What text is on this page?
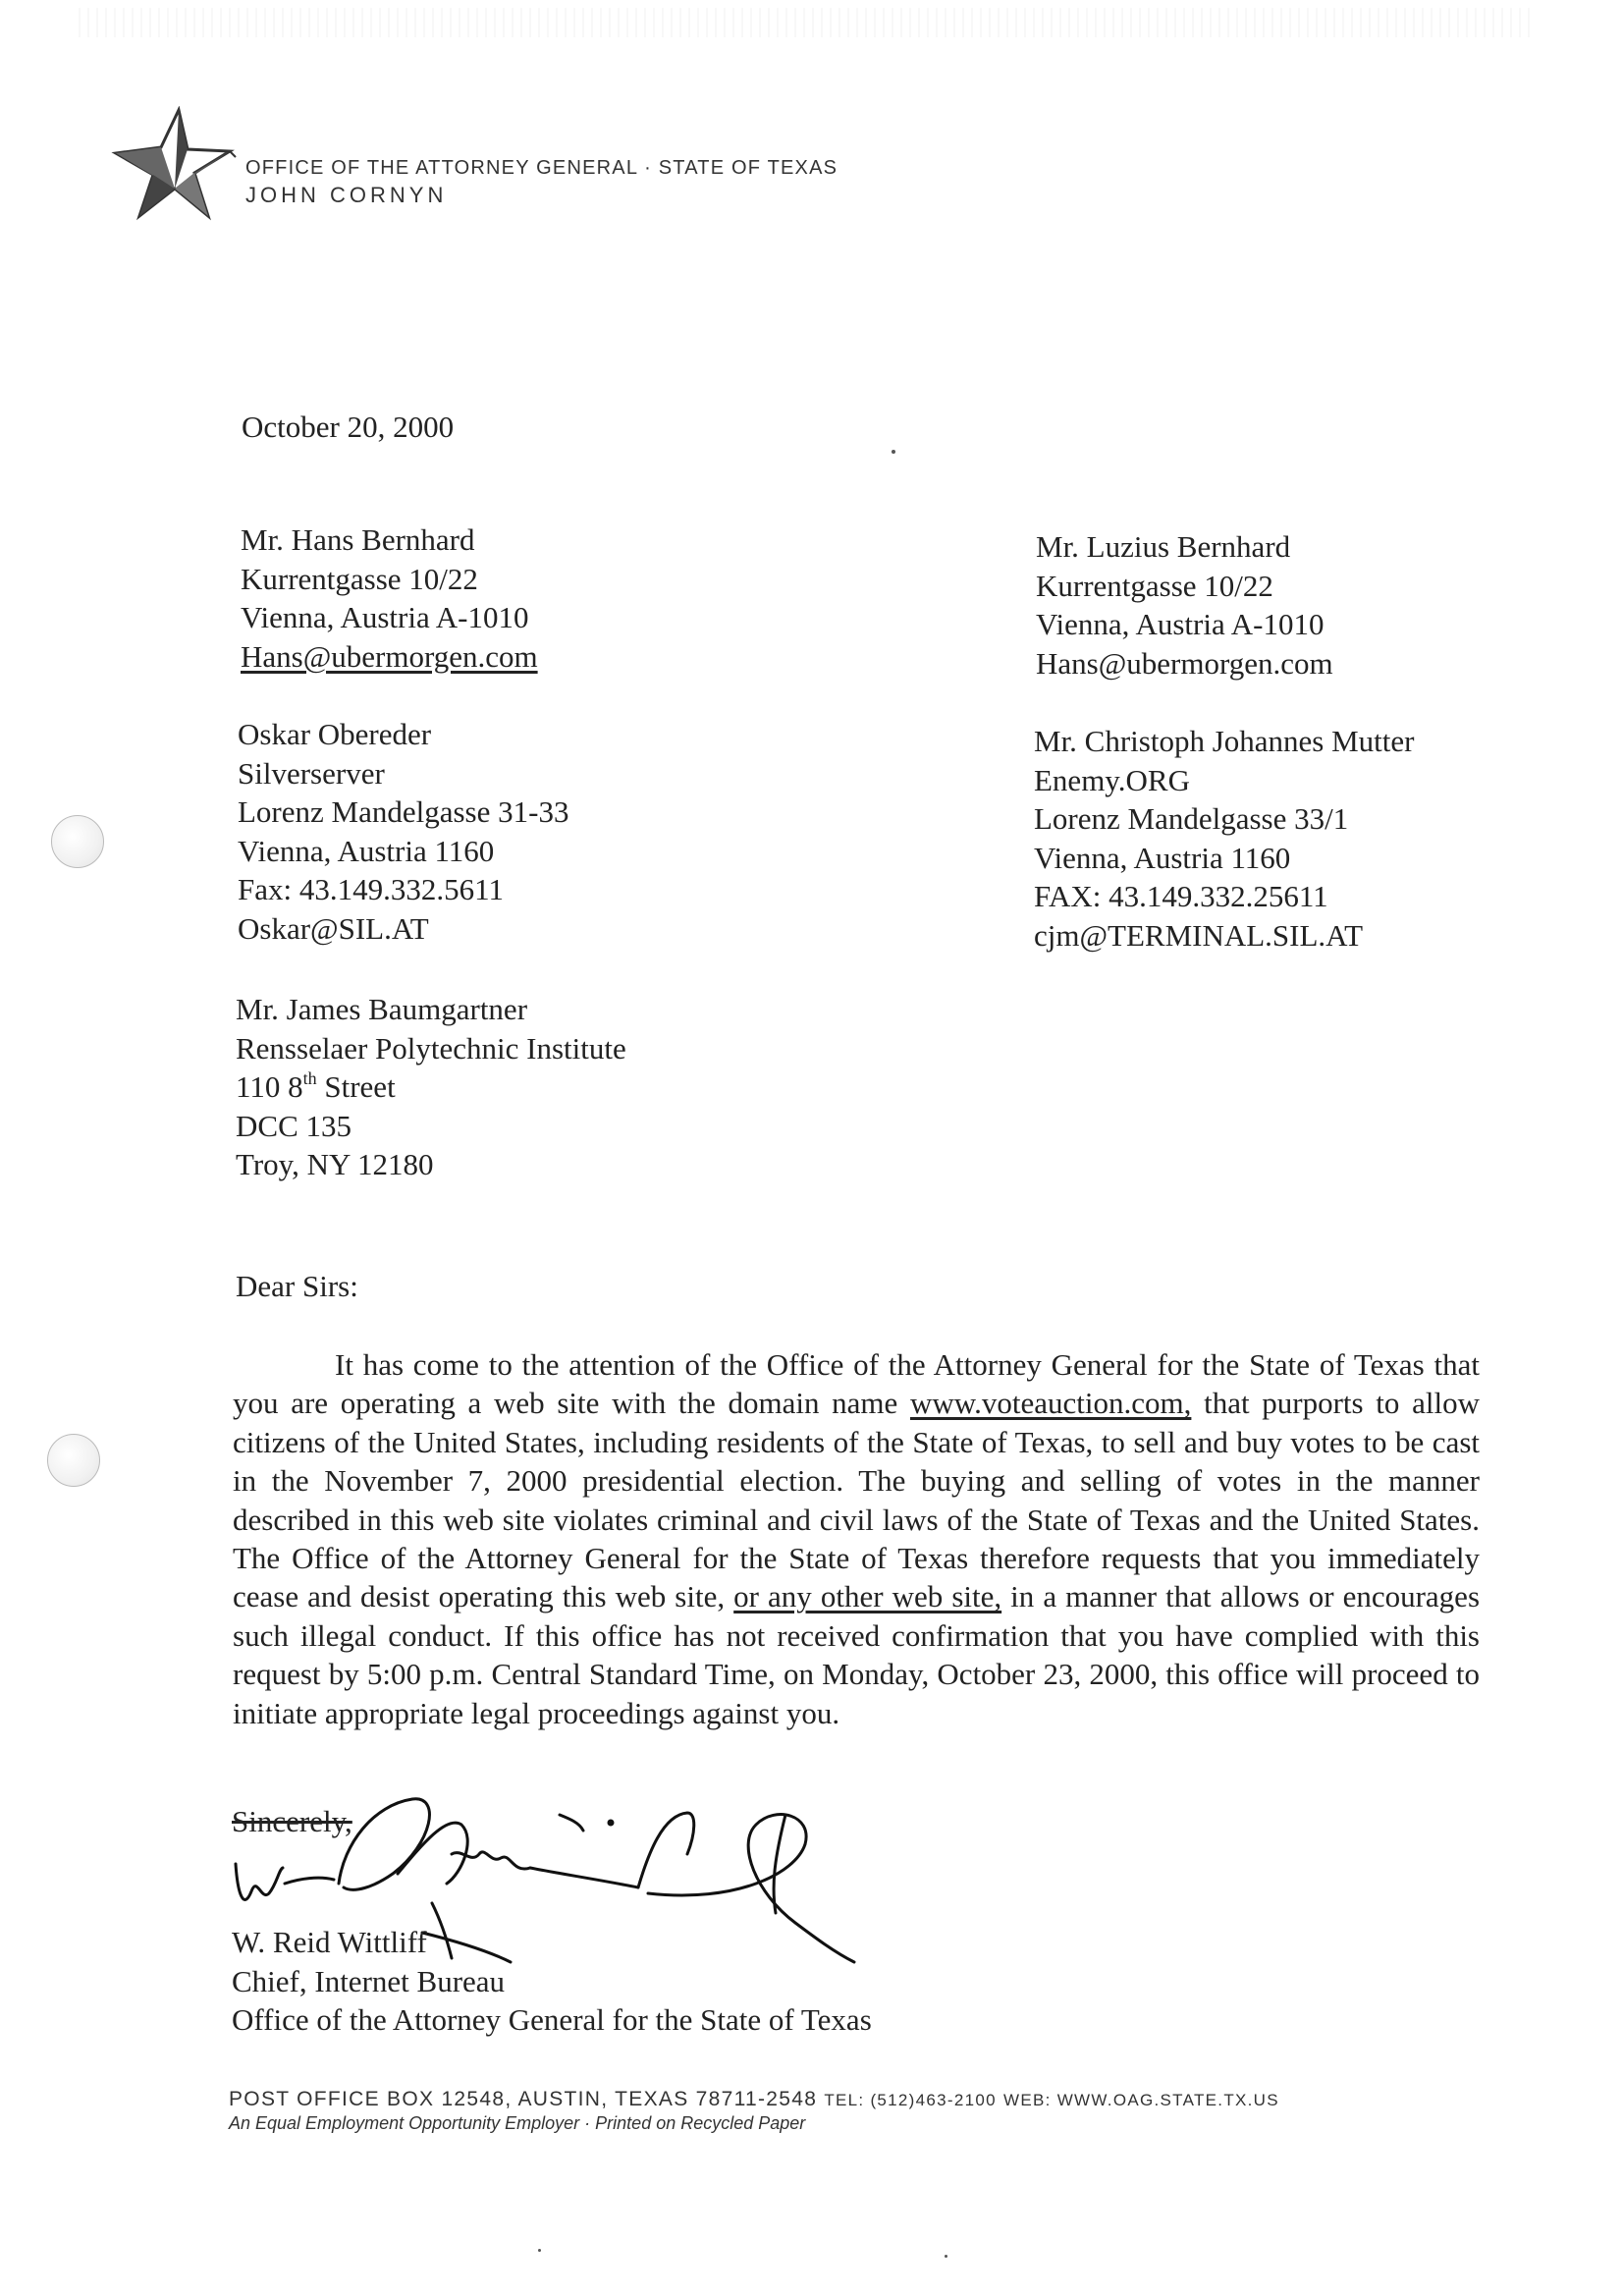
OFFICE OF THE ATTORNEY GENERAL · STATE OF TEXAS
JOHN CORNYN
October 20, 2000
Mr. Hans Bernhard
Kurrentgasse 10/22
Vienna, Austria A-1010
Hans@ubermorgen.com
Oskar Obereder
Silverserver
Lorenz Mandelgasse 31-33
Vienna, Austria 1160
Fax: 43.149.332.5611
Oskar@SIL.AT
Mr. James Baumgartner
Rensselaer Polytechnic Institute
110 8th Street
DCC 135
Troy, NY 12180
Mr. Luzius Bernhard
Kurrentgasse 10/22
Vienna, Austria A-1010
Hans@ubermorgen.com
Mr. Christoph Johannes Mutter
Enemy.ORG
Lorenz Mandelgasse 33/1
Vienna, Austria 1160
FAX: 43.149.332.25611
cjm@TERMINAL.SIL.AT
Dear Sirs:
It has come to the attention of the Office of the Attorney General for the State of Texas that you are operating a web site with the domain name www.voteauction.com, that purports to allow citizens of the United States, including residents of the State of Texas, to sell and buy votes to be cast in the November 7, 2000 presidential election. The buying and selling of votes in the manner described in this web site violates criminal and civil laws of the State of Texas and the United States. The Office of the Attorney General for the State of Texas therefore requests that you immediately cease and desist operating this web site, or any other web site, in a manner that allows or encourages such illegal conduct. If this office has not received confirmation that you have complied with this request by 5:00 p.m. Central Standard Time, on Monday, October 23, 2000, this office will proceed to initiate appropriate legal proceedings against you.
Sincerely,
W. Reid Wittliff
Chief, Internet Bureau
Office of the Attorney General for the State of Texas
POST OFFICE BOX 12548, AUSTIN, TEXAS 78711-2548 TEL: (512)463-2100 WEB: WWW.OAG.STATE.TX.US
An Equal Employment Opportunity Employer · Printed on Recycled Paper
